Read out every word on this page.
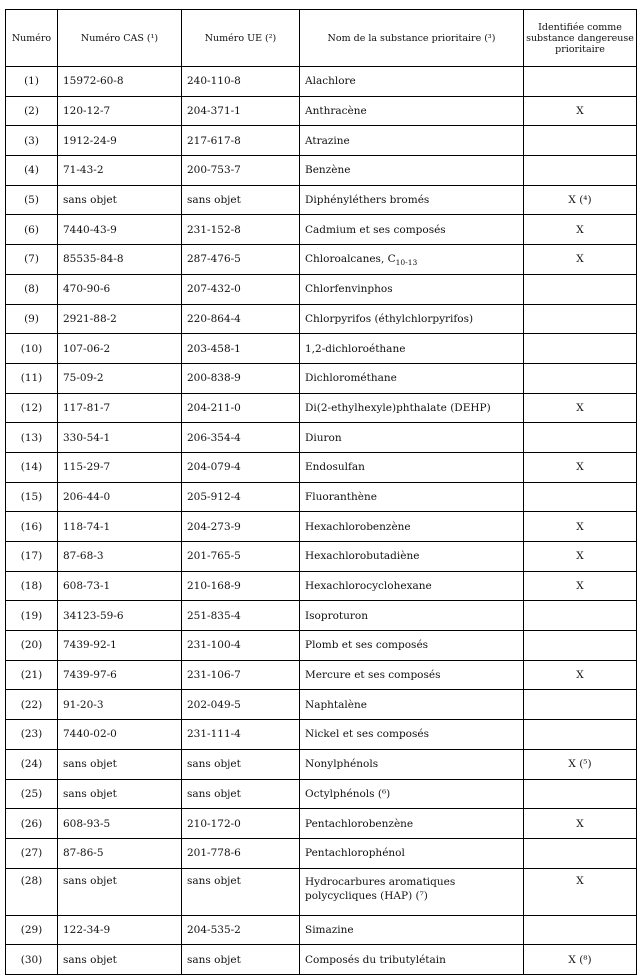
Numéro	Numéro CAS (¹)	Numéro UE (²)	Nom de la substance prioritaire (³)	Identifiée comme substance dangereuse prioritaire
(1)	15972-60-8	240-110-8	Alachlore	
(2)	120-12-7	204-371-1	Anthracène	X
(3)	1912-24-9	217-617-8	Atrazine	
(4)	71-43-2	200-753-7	Benzène	
(5)	sans objet	sans objet	Diphényléthers bromés	X (⁴)
(6)	7440-43-9	231-152-8	Cadmium et ses composés	X
(7)	85535-84-8	287-476-5	Chloroalcanes, $C_{10-13}$	X
(8)	470-90-6	207-432-0	Chlorfenvinphos	
(9)	2921-88-2	220-864-4	Chlorpyrifos (éthylchlorpyrifos)	
(10)	107-06-2	203-458-1	1,2-dichloroéthane	
(11)	75-09-2	200-838-9	Dichlorométhane	
(12)	117-81-7	204-211-0	Di(2-ethylhexyle)phthalate (DEHP)	X
(13)	330-54-1	206-354-4	Diuron	
(14)	115-29-7	204-079-4	Endosulfan	X
(15)	206-44-0	205-912-4	Fluoranthène	
(16)	118-74-1	204-273-9	Hexachlorobenzène	X
(17)	87-68-3	201-765-5	Hexachlorobutadiène	X
(18)	608-73-1	210-168-9	Hexachlorocyclohexane	X
(19)	34123-59-6	251-835-4	Isoproturon	
(20)	7439-92-1	231-100-4	Plomb et ses composés	
(21)	7439-97-6	231-106-7	Mercure et ses composés	X
(22)	91-20-3	202-049-5	Naphtalène	
(23)	7440-02-0	231-111-4	Nickel et ses composés	
(24)	sans objet	sans objet	Nonylphénols	X (⁵)
(25)	sans objet	sans objet	Octylphénols (⁶)	
(26)	608-93-5	210-172-0	Pentachlorobenzène	X
(27)	87-86-5	201-778-6	Pentachlorophénol	
(28)	sans objet	sans objet	Hydrocarbures aromatiques polycycliques (HAP) (⁷)	X
(29)	122-34-9	204-535-2	Simazine	
(30)	sans objet	sans objet	Composés du tributylétain	X (⁸)
